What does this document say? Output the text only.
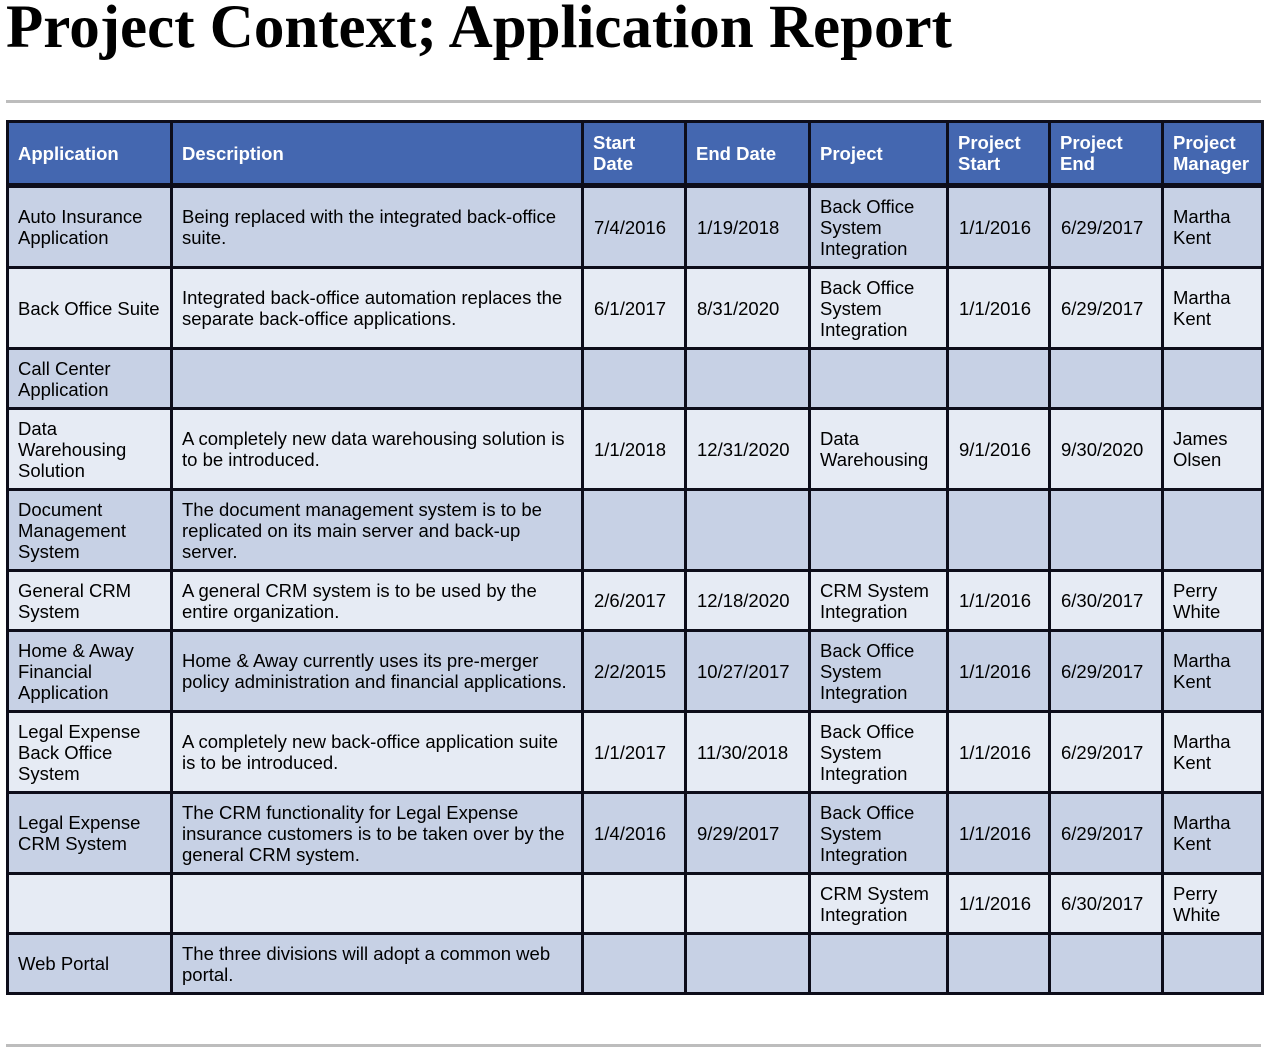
Project Context; Application Report
Application	Description	Start Date	End Date	Project	Project Start	Project End	Project Manager
Auto Insurance Application	Being replaced with the integrated back-office suite.	7/4/2016	1/19/2018	Back Office System Integration	1/1/2016	6/29/2017	Martha Kent
Back Office Suite	Integrated back-office automation replaces the separate back-office applications.	6/1/2017	8/31/2020	Back Office System Integration	1/1/2016	6/29/2017	Martha Kent
Call Center Application							
Data Warehousing Solution	A completely new data warehousing solution is to be introduced.	1/1/2018	12/31/2020	Data Warehousing	9/1/2016	9/30/2020	James Olsen
Document Management System	The document management system is to be replicated on its main server and back-up server.						
General CRM System	A general CRM system is to be used by the entire organization.	2/6/2017	12/18/2020	CRM System Integration	1/1/2016	6/30/2017	Perry White
Home & Away Financial Application	Home & Away currently uses its pre-merger policy administration and financial applications.	2/2/2015	10/27/2017	Back Office System Integration	1/1/2016	6/29/2017	Martha Kent
Legal Expense Back Office System	A completely new back-office application suite is to be introduced.	1/1/2017	11/30/2018	Back Office System Integration	1/1/2016	6/29/2017	Martha Kent
Legal Expense CRM System	The CRM functionality for Legal Expense insurance customers is to be taken over by the general CRM system.	1/4/2016	9/29/2017	Back Office System Integration	1/1/2016	6/29/2017	Martha Kent
				CRM System Integration	1/1/2016	6/30/2017	Perry White
Web Portal	The three divisions will adopt a common web portal.						
